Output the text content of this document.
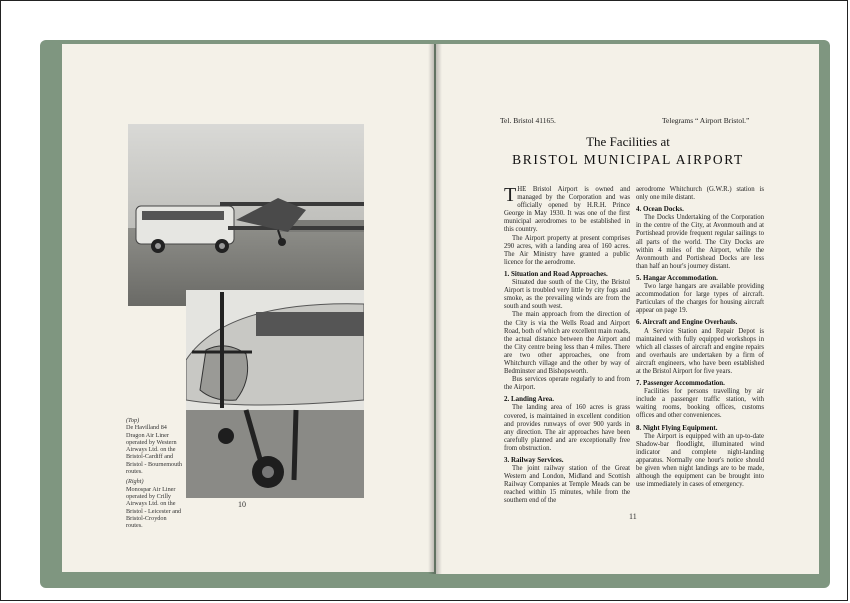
(Top)

De Havilland 84 Dragon Air Liner operated by Western Airways Ltd. on the Bristol-Cardiff and Bristol - Bournemouth routes.

(Right)

Monospar Air Liner operated by Crilly Airways Ltd. on the Bristol - Leicester and Bristol-Croydon routes.

10
Tel. Bristol 41165.	Telegrams “ Airport Bristol.”
The Facilities at
BRISTOL MUNICIPAL AIRPORT

THE Bristol Airport is owned and managed by the Corporation and was officially opened by H.R.H. Prince George in May 1930. It was one of the first municipal aerodromes to be established in this country.

The Airport property at present comprises 290 acres, with a landing area of 160 acres. The Air Ministry have granted a public licence for the aerodrome.

1. Situation and Road Approaches.

Situated due south of the City, the Bristol Airport is troubled very little by city fogs and smoke, as the prevailing winds are from the south and south west.

The main approach from the direction of the City is via the Wells Road and Airport Road, both of which are excellent main roads, the actual distance between the Airport and the City centre being less than 4 miles. There are two other approaches, one from Whitchurch village and the other by way of Bedminster and Bishopsworth.

Bus services operate regularly to and from the Airport.

2. Landing Area.

The landing area of 160 acres is grass covered, is maintained in excellent condition and provides runways of over 900 yards in any direction. The air approaches have been carefully planned and are exceptionally free from obstruction.

3. Railway Services.

The joint railway station of the Great Western and London, Midland and Scottish Railway Companies at Temple Meads can be reached within 15 minutes, while from the southern end of the

aerodrome Whitchurch (G.W.R.) station is only one mile distant.

4. Ocean Docks.

The Docks Undertaking of the Corporation in the centre of the City, at Avonmouth and at Portishead provide frequent regular sailings to all parts of the world. The City Docks are within 4 miles of the Airport, while the Avonmouth and Portishead Docks are less than half an hour's journey distant.

5. Hangar Accommodation.

Two large hangars are available providing accommodation for large types of aircraft. Particulars of the charges for housing aircraft appear on page 19.

6. Aircraft and Engine Overhauls.

A Service Station and Repair Depot is maintained with fully equipped workshops in which all classes of aircraft and engine repairs and overhauls are undertaken by a firm of aircraft engineers, who have been established at the Bristol Airport for five years.

7. Passenger Accommodation.

Facilities for persons travelling by air include a passenger traffic station, with waiting rooms, booking offices, customs offices and other conveniences.

8. Night Flying Equipment.

The Airport is equipped with an up-to-date Shadow-bar floodlight, illuminated wind indicator and complete night-landing apparatus. Normally one hour's notice should be given when night landings are to be made, although the equipment can be brought into use immediately in cases of emergency.

11
